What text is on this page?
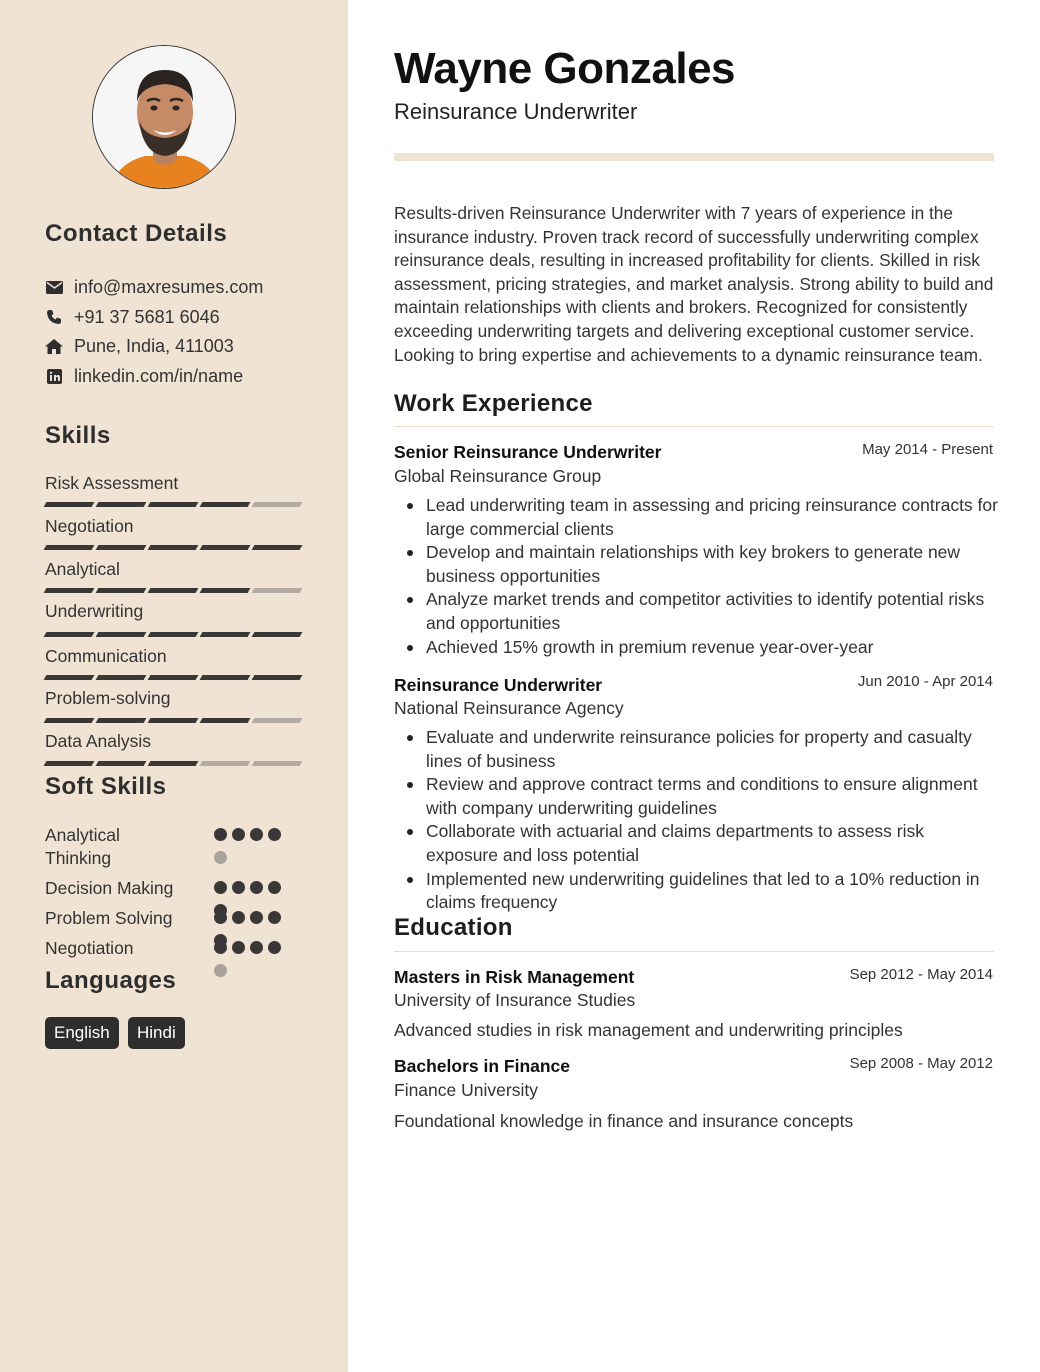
Contact Details
info@maxresumes.com
+91 37 5681 6046
Pune, India, 411003
linkedin.com/in/name
Skills
Risk Assessment
Negotiation
Analytical
Underwriting
Communication
Problem-solving
Data Analysis
Soft Skills
Analytical Thinking
Decision Making
Problem Solving
Negotiation
Languages
English	Hindi
Wayne Gonzales
Reinsurance Underwriter

Results-driven Reinsurance Underwriter with 7 years of experience in the insurance industry. Proven track record of successfully underwriting complex reinsurance deals, resulting in increased profitability for clients. Skilled in risk assessment, pricing strategies, and market analysis. Strong ability to build and maintain relationships with clients and brokers. Recognized for consistently exceeding underwriting targets and delivering exceptional customer service. Looking to bring expertise and achievements to a dynamic reinsurance team.

Work Experience
Senior Reinsurance Underwriter	May 2014 - Present
Global Reinsurance Group
Lead underwriting team in assessing and pricing reinsurance contracts for large commercial clients
Develop and maintain relationships with key brokers to generate new business opportunities
Analyze market trends and competitor activities to identify potential risks and opportunities
Achieved 15% growth in premium revenue year-over-year
Reinsurance Underwriter	Jun 2010 - Apr 2014
National Reinsurance Agency
Evaluate and underwrite reinsurance policies for property and casualty lines of business
Review and approve contract terms and conditions to ensure alignment with company underwriting guidelines
Collaborate with actuarial and claims departments to assess risk exposure and loss potential
Implemented new underwriting guidelines that led to a 10% reduction in claims frequency
Education
Masters in Risk Management	Sep 2012 - May 2014
University of Insurance Studies
Advanced studies in risk management and underwriting principles
Bachelors in Finance	Sep 2008 - May 2012
Finance University
Foundational knowledge in finance and insurance concepts
